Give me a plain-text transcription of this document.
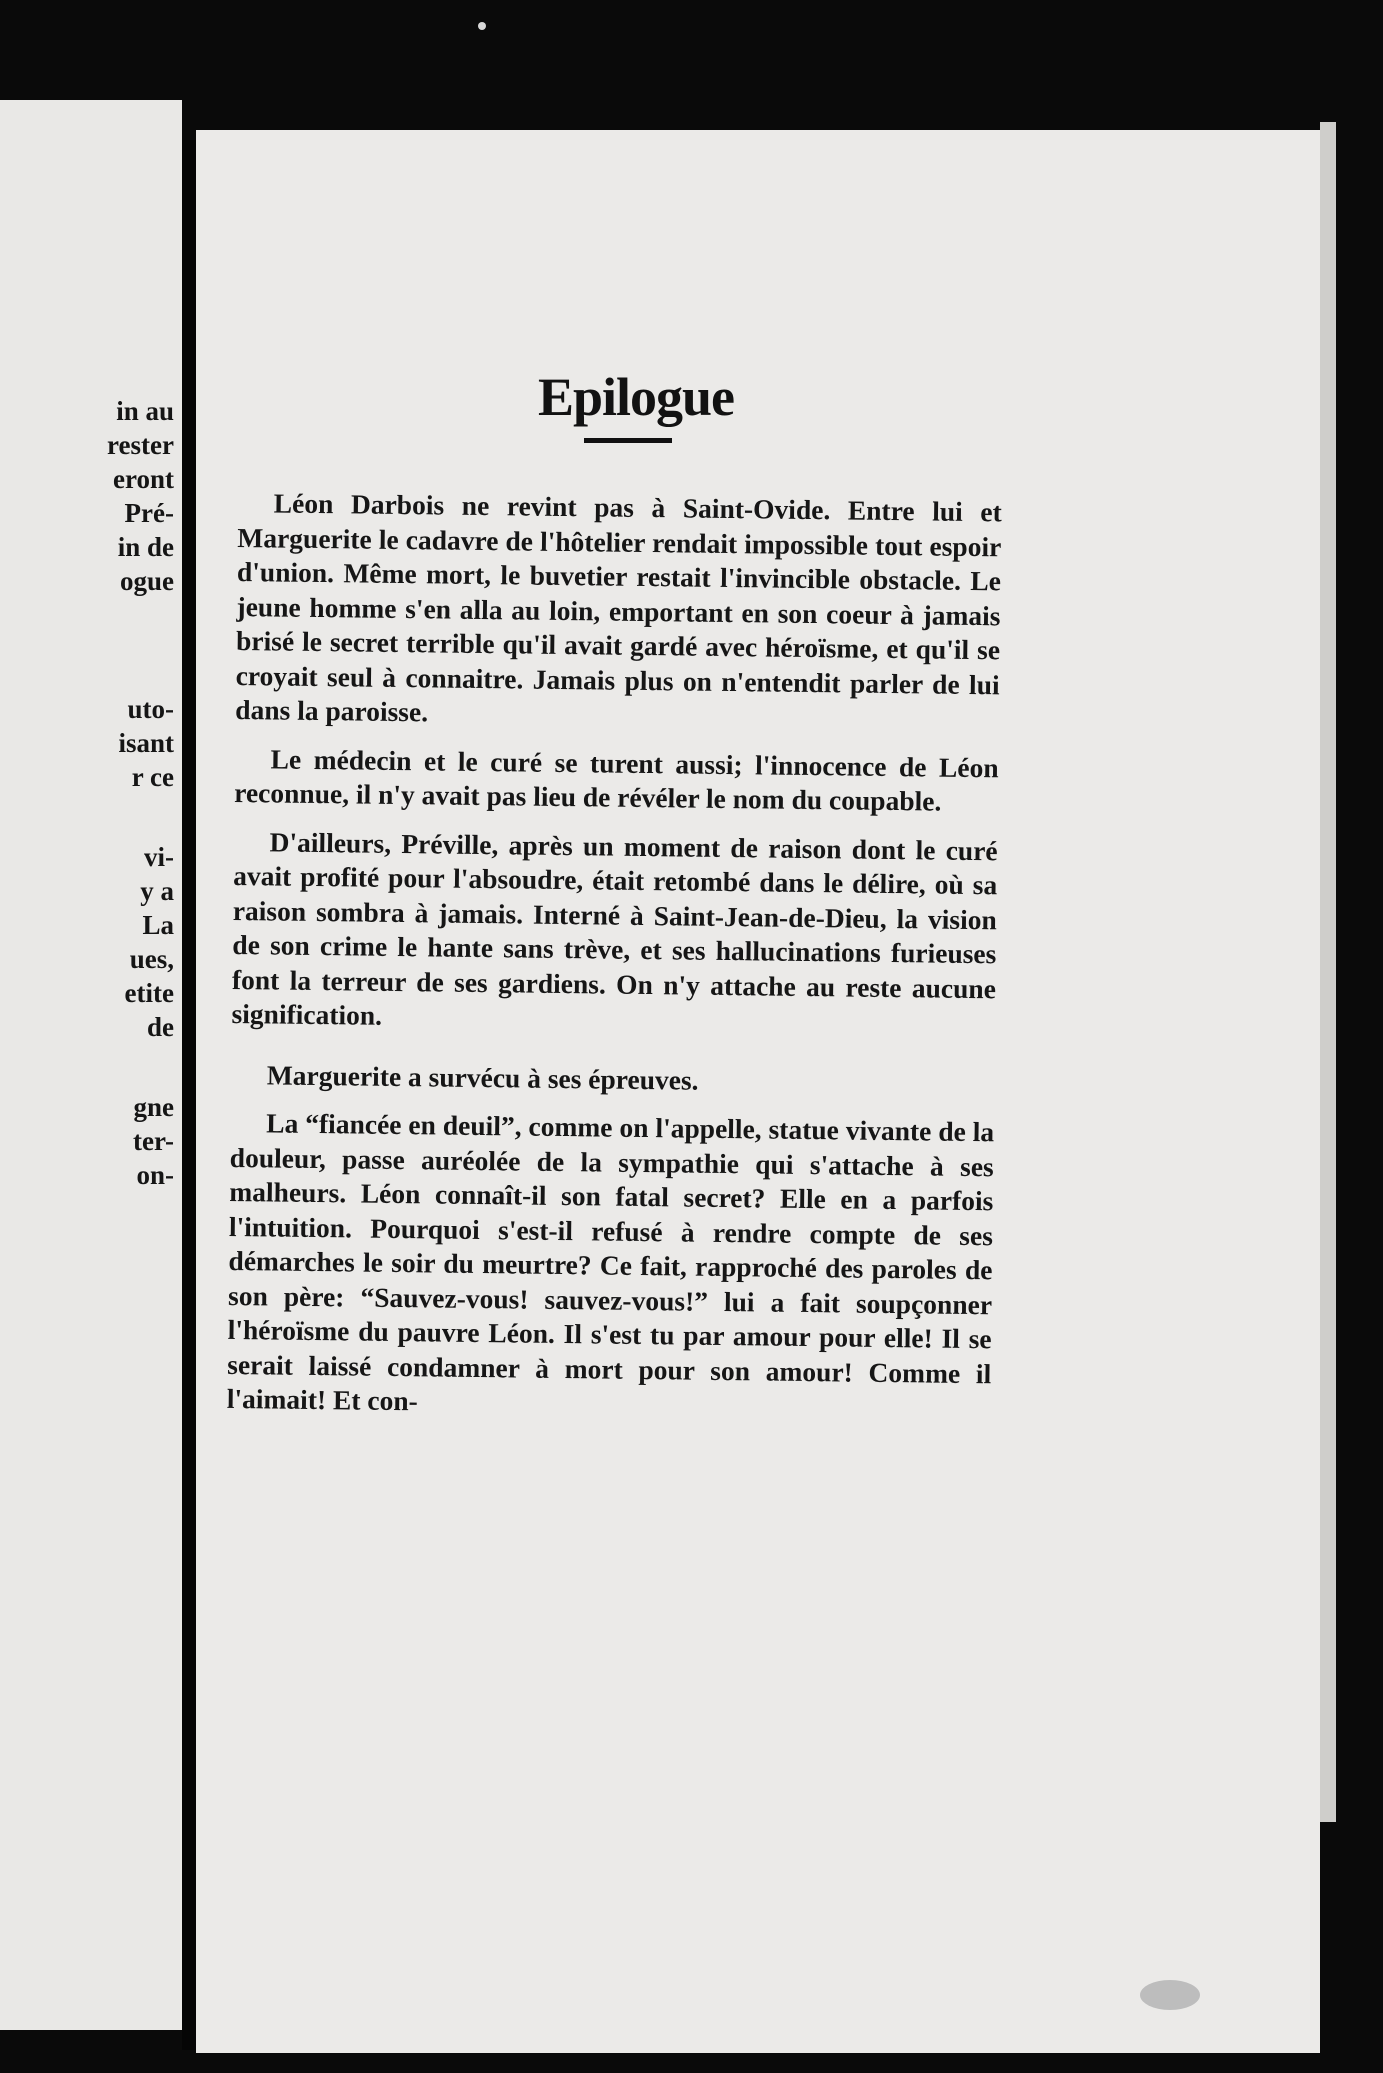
in au
rester
eront
Pré-
in de
ogue
uto-
isant
r ce
vi-
y a
La
ues,
etite
de
gne
ter-
on-
Epilogue

Léon Darbois ne revint pas à Saint-Ovide. Entre lui et Marguerite le cadavre de l'hôtelier rendait impossible tout espoir d'union. Même mort, le buvetier restait l'invincible obstacle. Le jeune homme s'en alla au loin, emportant en son coeur à jamais brisé le secret terrible qu'il avait gardé avec héroïsme, et qu'il se croyait seul à connaitre. Jamais plus on n'entendit parler de lui dans la paroisse.

Le médecin et le curé se turent aussi; l'innocence de Léon reconnue, il n'y avait pas lieu de révéler le nom du coupable.

D'ailleurs, Préville, après un moment de raison dont le curé avait profité pour l'absoudre, était retombé dans le délire, où sa raison sombra à jamais. Interné à Saint-Jean-de-Dieu, la vision de son crime le hante sans trève, et ses hallucinations furieuses font la terreur de ses gardiens. On n'y attache au reste aucune signification.

Marguerite a survécu à ses épreuves.

La “fiancée en deuil”, comme on l'appelle, statue vivante de la douleur, passe auréolée de la sympathie qui s'attache à ses malheurs. Léon connaît-il son fatal secret? Elle en a parfois l'intuition. Pourquoi s'est-il refusé à rendre compte de ses démarches le soir du meurtre? Ce fait, rapproché des paroles de son père: “Sauvez-vous! sauvez-vous!” lui a fait soupçonner l'héroïsme du pauvre Léon. Il s'est tu par amour pour elle! Il se serait laissé condamner à mort pour son amour! Comme il l'aimait! Et con-
